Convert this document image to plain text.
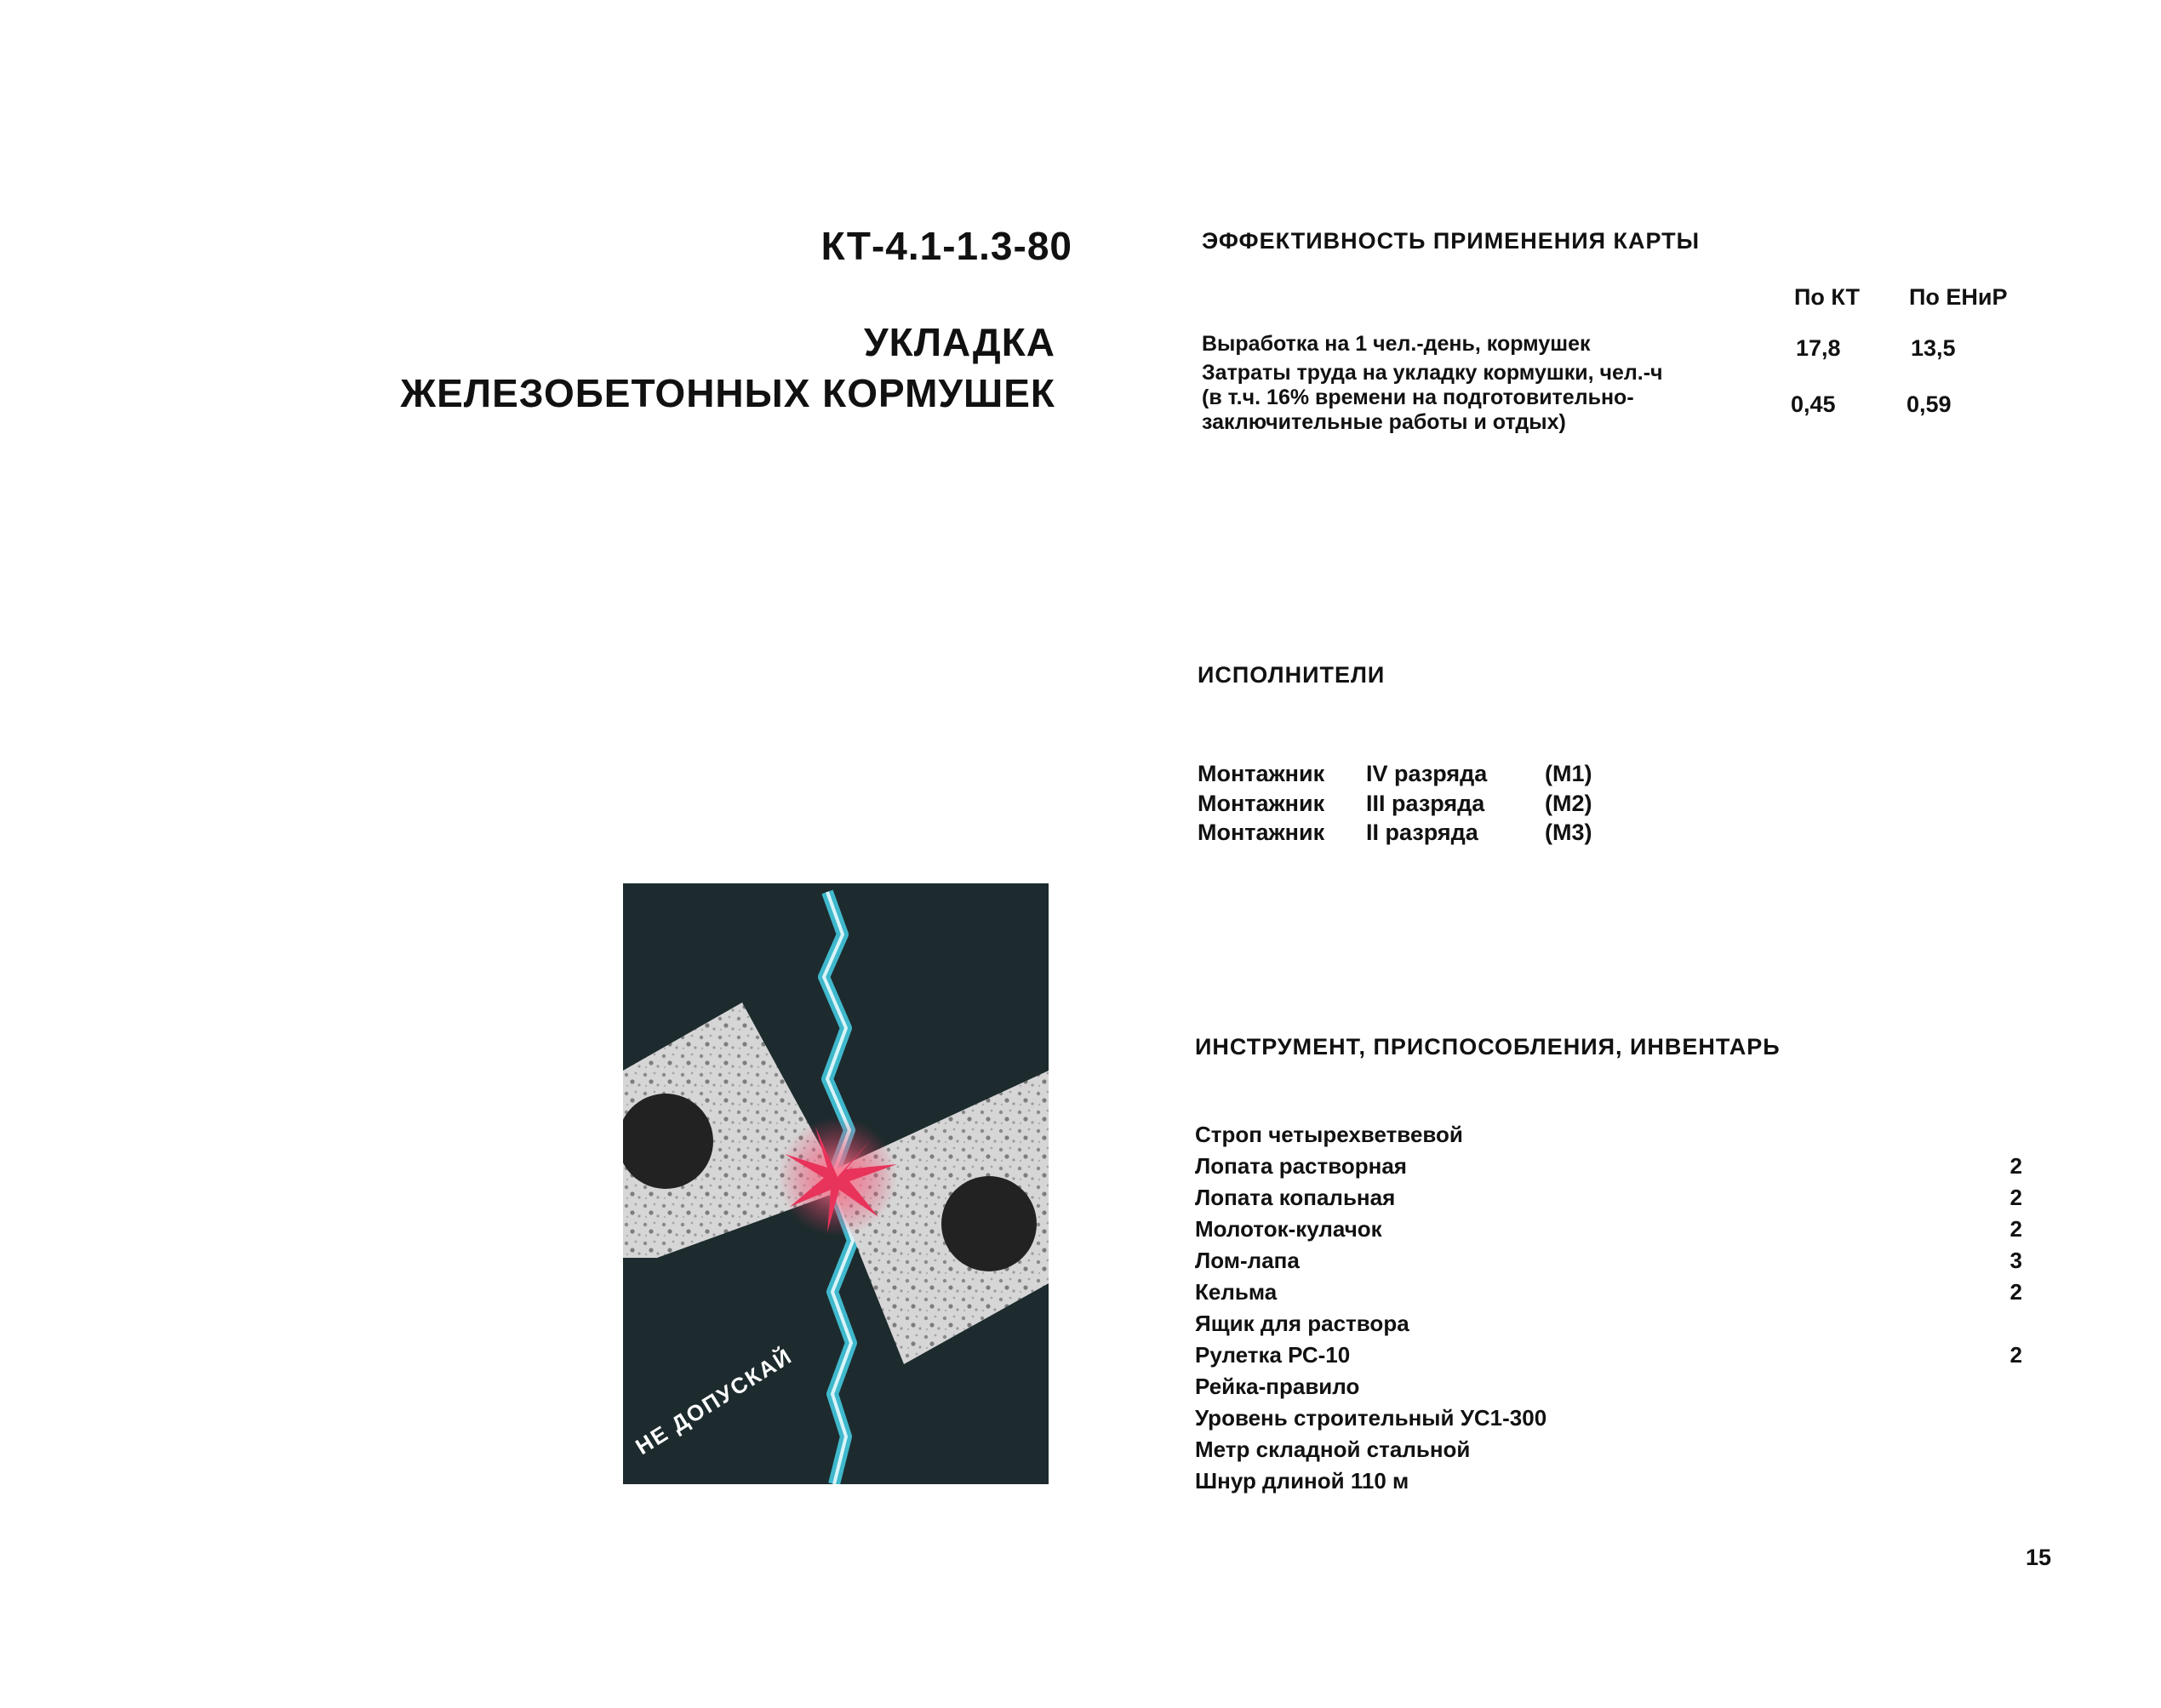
КТ-4.1-1.3-80
УКЛАДКА
ЖЕЛЕЗОБЕТОННЫХ КОРМУШЕК
ЭФФЕКТИВНОСТЬ ПРИМЕНЕНИЯ КАРТЫ
По КТ По ЕНиР
Выработка на 1 чел.-день, кормушек	17,8	13,5
Затраты труда на укладку кормушки, чел.-ч
(в т.ч. 16% времени на подготовительно-
заключительные работы и отдых)
0,45	0,59
ИСПОЛНИТЕЛИ
Монтажник IV разряда	(М1)
Монтажник III разряда	(М2)
Монтажник II разряда	(М3)
ИНСТРУМЕНТ, ПРИСПОСОБЛЕНИЯ, ИНВЕНТАРЬ
Строп четырехветвевой
Лопата растворная	2
Лопата копальная	2
Молоток-кулачок	2
Лом-лапа	3
Кельма	2
Ящик для раствора
Рулетка РС-10	2
Рейка-правило
Уровень строительный УС1-300
Метр складной стальной
Шнур длиной 110 м
НЕ ДОПУСКАЙ
15
